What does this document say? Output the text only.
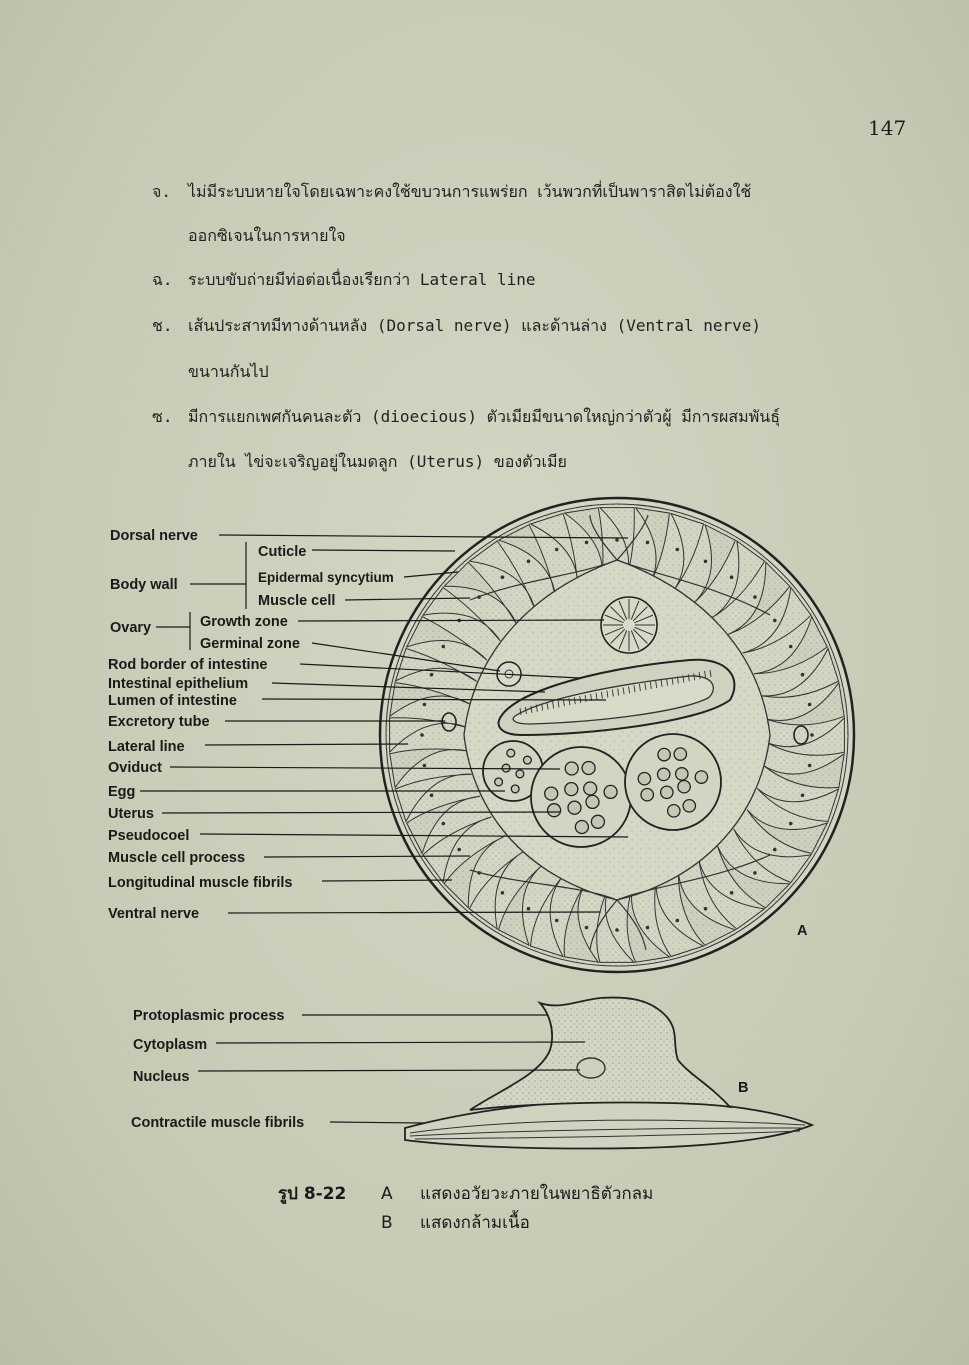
147
จ. ไม่มีระบบหายใจโดยเฉพาะคงใช้ขบวนการแพร่ยก เว้นพวกที่เป็นพาราสิตไม่ต้องใช้
ออกซิเจนในการหายใจ
ฉ. ระบบขับถ่ายมีท่อต่อเนื่องเรียกว่า Lateral line
ช. เส้นประสาทมีทางด้านหลัง (Dorsal nerve) และด้านล่าง (Ventral nerve)
ขนานกันไป
ซ. มีการแยกเพศกันคนละตัว (dioecious) ตัวเมียมีขนาดใหญ่กว่าตัวผู้ มีการผสมพันธุ์
ภายใน ไข่จะเจริญอยู่ในมดลูก (Uterus) ของตัวเมีย
Dorsal nerve
Cuticle
Body wall	Epidermal syncytium
Muscle cell
Ovary	Growth zone
Germinal zone
Rod border of intestine
Intestinal epithelium
Lumen of intestine
Excretory tube
Lateral line
Oviduct
Egg
Uterus
Pseudocoel
Muscle cell process
Longitudinal muscle fibrils
Ventral nerve
A
Protoplasmic process
Cytoplasm
Nucleus
Contractile muscle fibrils
B
รูป 8-22 A แสดงอวัยวะภายในพยาธิตัวกลม
B แสดงกล้ามเนื้อ
